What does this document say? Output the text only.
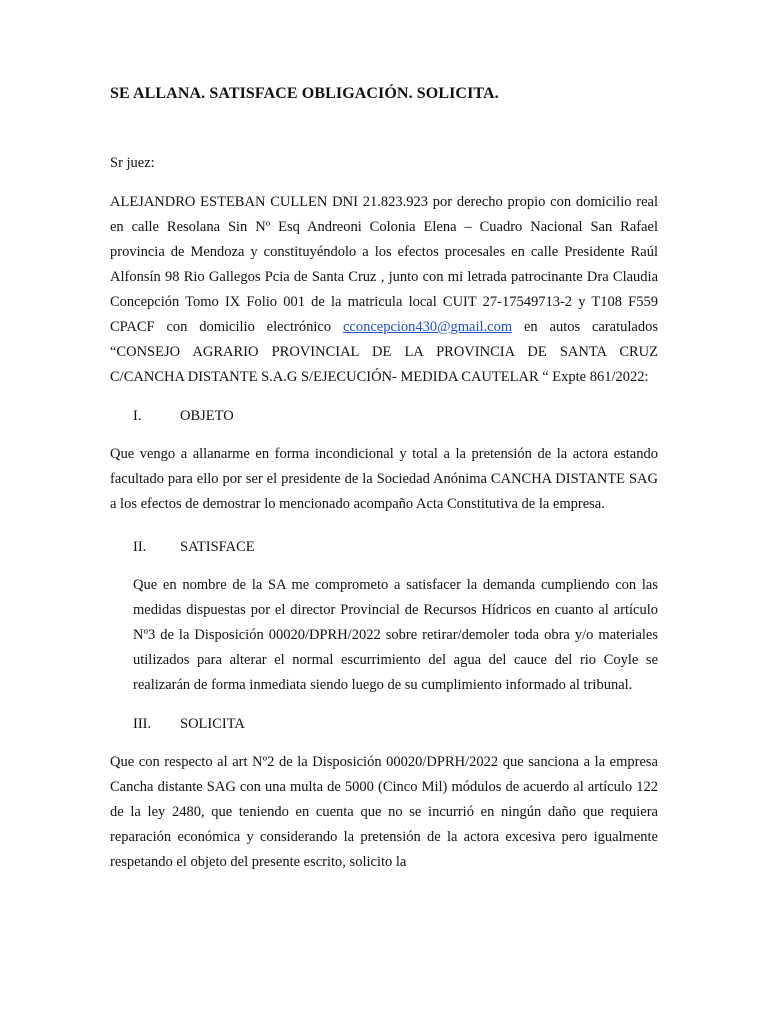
SE ALLANA. SATISFACE OBLIGACIÓN. SOLICITA.

Sr juez:

ALEJANDRO ESTEBAN CULLEN DNI 21.823.923 por derecho propio con domicilio real en calle Resolana Sin Nº Esq Andreoni Colonia Elena – Cuadro Nacional San Rafael provincia de Mendoza y constituyéndolo a los efectos procesales en calle Presidente Raúl Alfonsín 98 Rio Gallegos Pcia de Santa Cruz , junto con mi letrada patrocinante Dra Claudia Concepción Tomo IX Folio 001 de la matricula local CUIT 27-17549713-2 y T108 F559 CPACF con domicilio electrónico cconcepcion430@gmail.com en autos caratulados “CONSEJO AGRARIO PROVINCIAL DE LA PROVINCIA DE SANTA CRUZ C/CANCHA DISTANTE S.A.G S/EJECUCIÓN- MEDIDA CAUTELAR “ Expte 861/2022:

I.	OBJETO

Que vengo a allanarme en forma incondicional y total a la pretensión de la actora estando facultado para ello por ser el presidente de la Sociedad Anónima CANCHA DISTANTE SAG a los efectos de demostrar lo mencionado acompaño Acta Constitutiva de la empresa.

II.	SATISFACE

Que en nombre de la SA me comprometo a satisfacer la demanda cumpliendo con las medidas dispuestas por el director Provincial de Recursos Hídricos en cuanto al artículo Nº3 de la Disposición 00020/DPRH/2022 sobre retirar/demoler toda obra y/o materiales utilizados para alterar el normal escurrimiento del agua del cauce del rio Coyle se realizarán de forma inmediata siendo luego de su cumplimiento informado al tribunal.

III.	SOLICITA

Que con respecto al art Nº2 de la Disposición 00020/DPRH/2022 que sanciona a la empresa Cancha distante SAG con una multa de 5000 (Cinco Mil) módulos de acuerdo al artículo 122 de la ley 2480, que teniendo en cuenta que no se incurrió en ningún daño que requiera reparación económica y considerando la pretensión de la actora excesiva pero igualmente respetando el objeto del presente escrito, solicito la
